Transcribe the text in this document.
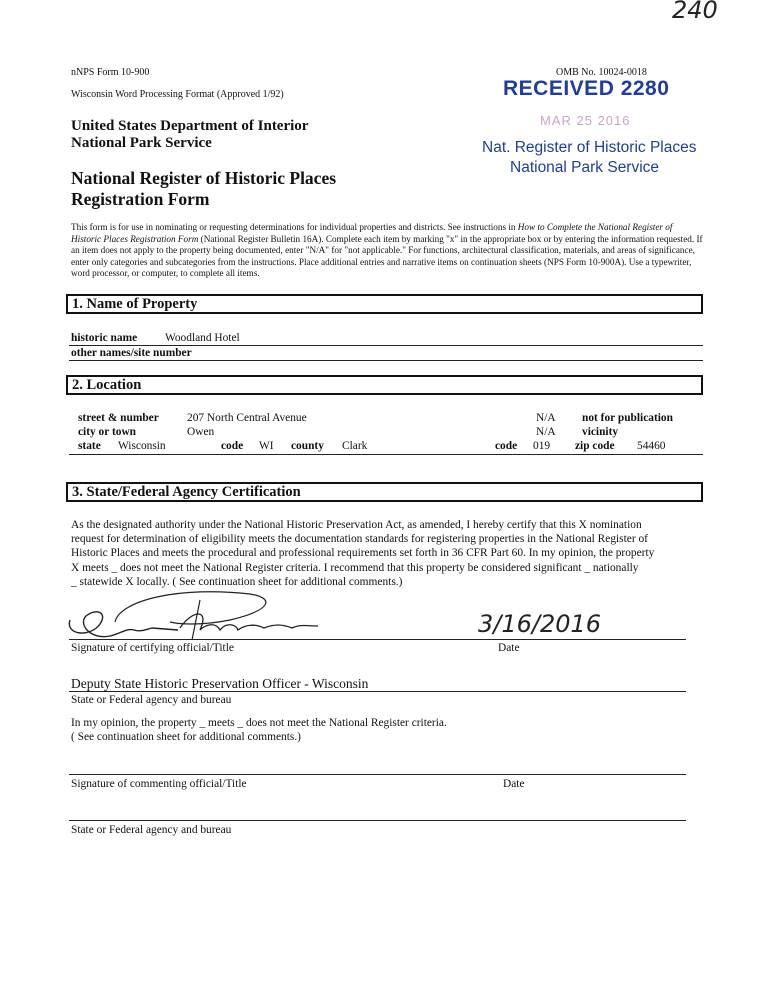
240
nNPS Form 10-900	OMB No. 10024-0018
Wisconsin Word Processing Format (Approved 1/92)
United States Department of Interior
National Park Service
National Register of Historic Places
Registration Form
RECEIVED 2280
MAR 25 2016
Nat. Register of Historic Places
National Park Service
This form is for use in nominating or requesting determinations for individual properties and districts. See instructions in How to Complete the National Register of Historic Places Registration Form (National Register Bulletin 16A). Complete each item by marking "x" in the appropriate box or by entering the information requested. If an item does not apply to the property being documented, enter "N/A" for "not applicable." For functions, architectural classification, materials, and areas of significance, enter only categories and subcategories from the instructions. Place additional entries and narrative items on continuation sheets (NPS Form 10-900A). Use a typewriter, word processor, or computer, to complete all items.
1. Name of Property
historic name Woodland Hotel
other names/site number
2. Location
street & number 207 North Central Avenue	N/A not for publication
city or town	Owen	N/A vicinity
state Wisconsin	code WI county Clark	code 019 zip code 54460
3. State/Federal Agency Certification
As the designated authority under the National Historic Preservation Act, as amended, I hereby certify that this X nomination
request for determination of eligibility meets the documentation standards for registering properties in the National Register of
Historic Places and meets the procedural and professional requirements set forth in 36 CFR Part 60. In my opinion, the property
X meets _ does not meet the National Register criteria. I recommend that this property be considered significant _ nationally
_ statewide X locally. ( See continuation sheet for additional comments.)
3/16/2016
Signature of certifying official/Title	Date
Deputy State Historic Preservation Officer - Wisconsin
State or Federal agency and bureau
In my opinion, the property _ meets _ does not meet the National Register criteria.
( See continuation sheet for additional comments.)
Signature of commenting official/Title	Date
State or Federal agency and bureau
